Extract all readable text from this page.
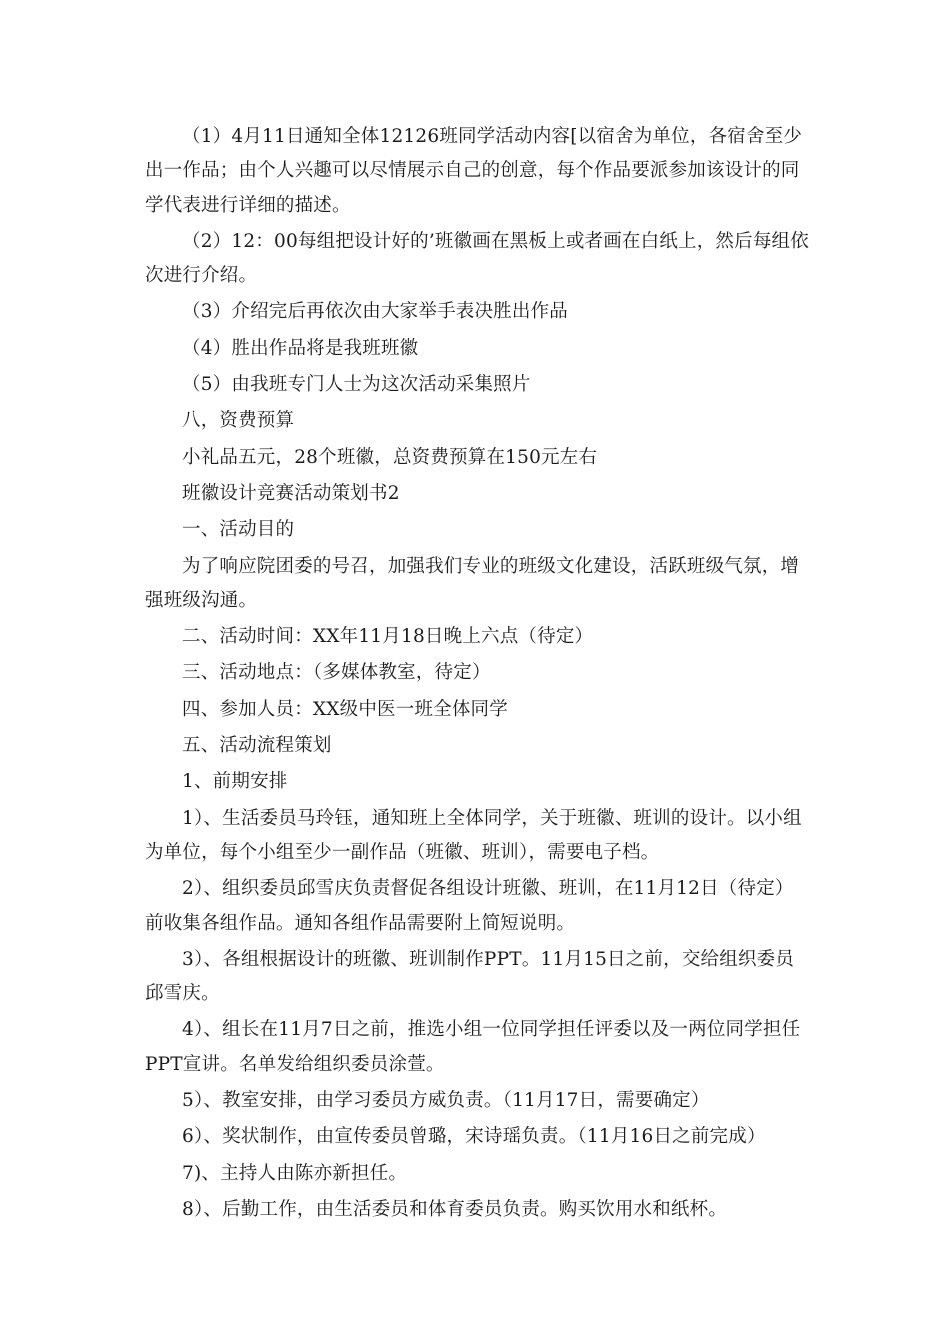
（1）4月11日通知全体12126班同学活动内容[以宿舍为单位，各宿舍至少出一作品；由个人兴趣可以尽情展示自己的创意，每个作品要派参加该设计的同学代表进行详细的描述。

（2）12：00每组把设计好的’班徽画在黑板上或者画在白纸上，然后每组依次进行介绍。

（3）介绍完后再依次由大家举手表决胜出作品

（4）胜出作品将是我班班徽

（5）由我班专门人士为这次活动采集照片

八，资费预算

小礼品五元，28个班徽，总资费预算在150元左右

班徽设计竞赛活动策划书2

一、活动目的

为了响应院团委的号召，加强我们专业的班级文化建设，活跃班级气氛，增强班级沟通。

二、活动时间：XX年11月18日晚上六点（待定）

三、活动地点：（多媒体教室，待定）

四、参加人员：XX级中医一班全体同学

五、活动流程策划

1、前期安排

1）、生活委员马玲钰，通知班上全体同学，关于班徽、班训的设计。以小组为单位，每个小组至少一副作品（班徽、班训），需要电子档。

2）、组织委员邱雪庆负责督促各组设计班徽、班训，在11月12日（待定）前收集各组作品。通知各组作品需要附上简短说明。

3）、各组根据设计的班徽、班训制作PPT。11月15日之前，交给组织委员邱雪庆。

4）、组长在11月7日之前，推选小组一位同学担任评委以及一两位同学担任PPT宣讲。名单发给组织委员涂萱。

5）、教室安排，由学习委员方威负责。（11月17日，需要确定）

6）、奖状制作，由宣传委员曾璐，宋诗瑶负责。（11月16日之前完成）

7)、主持人由陈亦新担任。

8）、后勤工作，由生活委员和体育委员负责。购买饮用水和纸杯。
